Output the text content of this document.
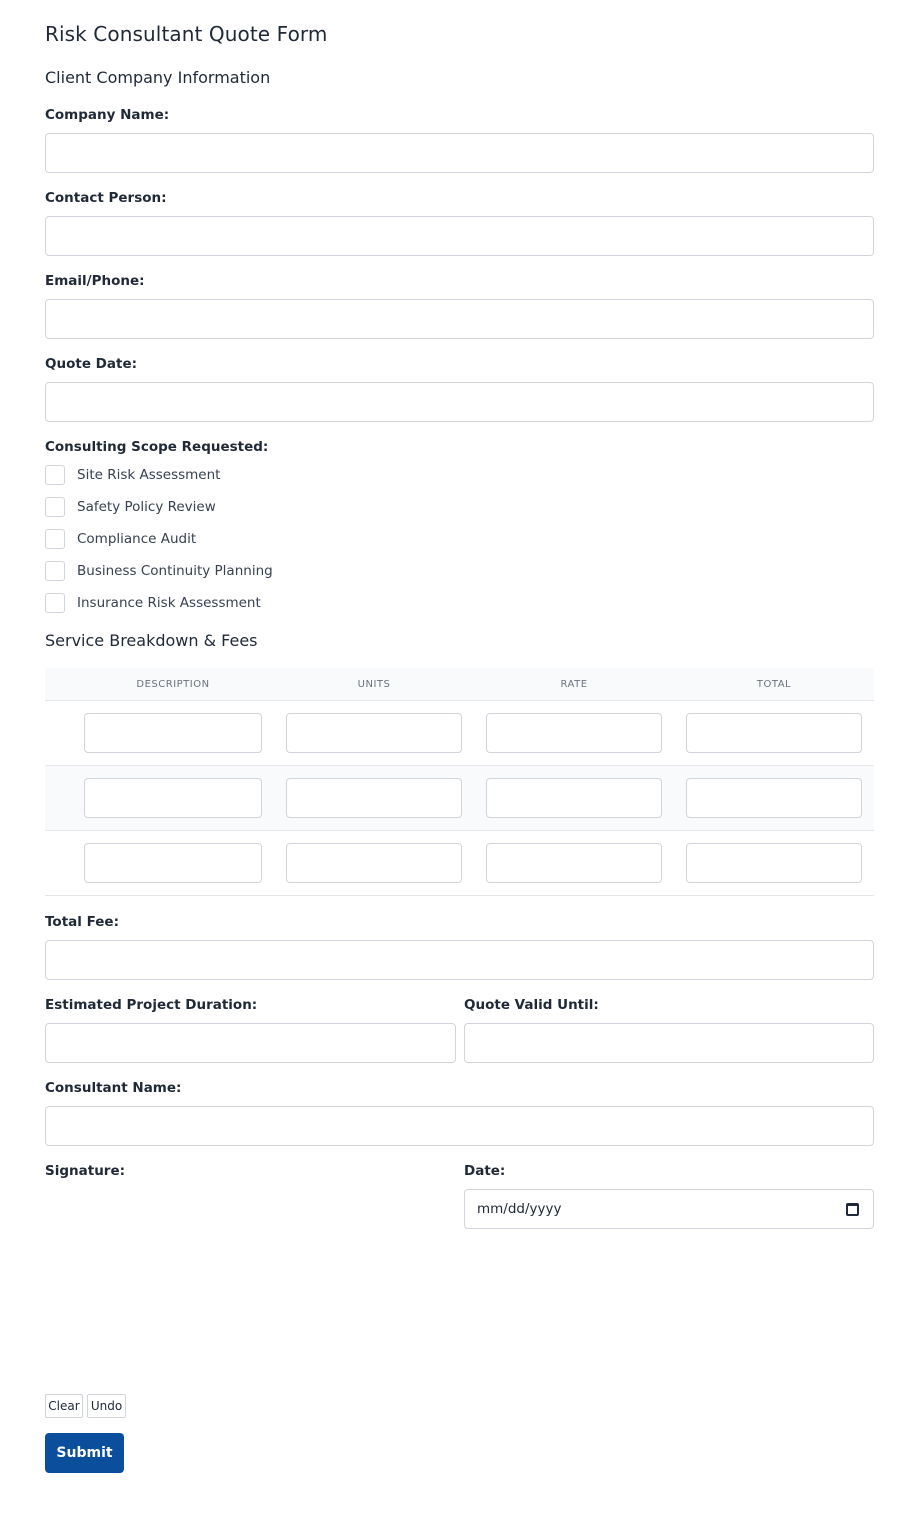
Risk Consultant Quote Form
Client Company Information
Company Name:
Contact Person:
Email/Phone:
Quote Date:
Consulting Scope Requested:
Site Risk Assessment
Safety Policy Review
Compliance Audit
Business Continuity Planning
Insurance Risk Assessment
Service Breakdown & Fees
DESCRIPTION	UNITS	RATE	TOTAL
Total Fee:
Estimated Project Duration:	Quote Valid Until:
Consultant Name:
Signature:	Date:
mm/dd/yyyy
Clear Undo
Submit
